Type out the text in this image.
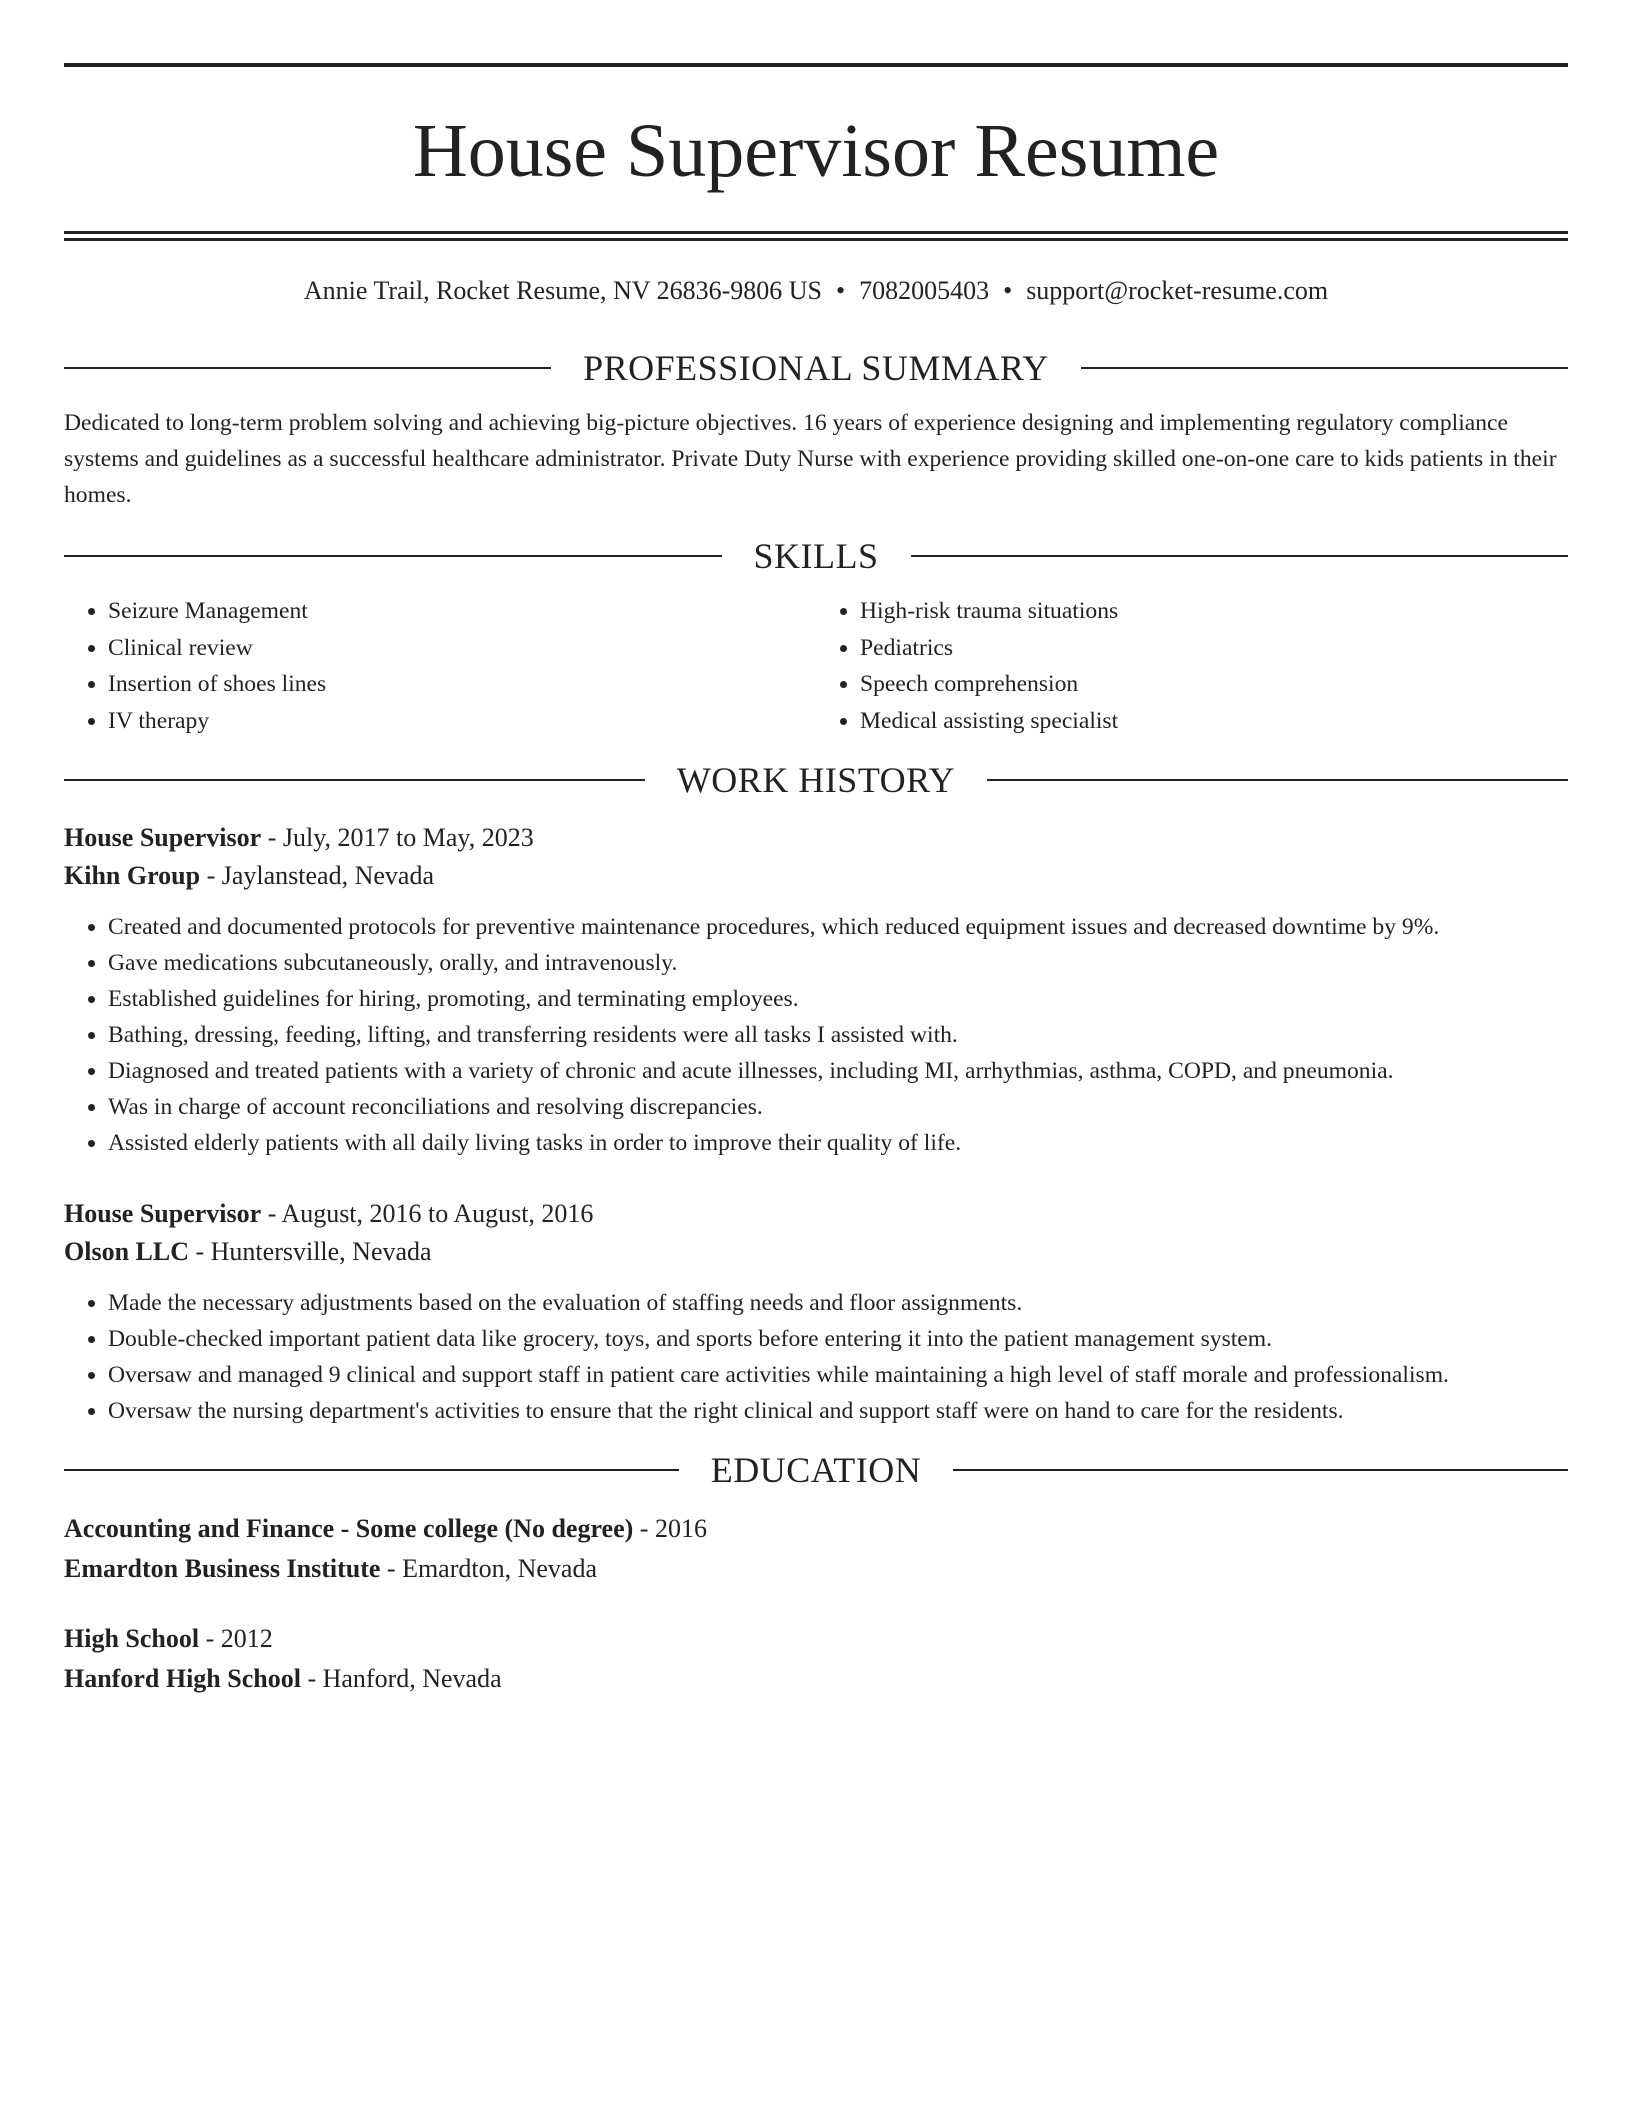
House Supervisor Resume
Annie Trail, Rocket Resume, NV 26836-9806 US • 7082005403 • support@rocket-resume.com
PROFESSIONAL SUMMARY
Dedicated to long-term problem solving and achieving big-picture objectives. 16 years of experience designing and implementing regulatory compliance systems and guidelines as a successful healthcare administrator. Private Duty Nurse with experience providing skilled one-on-one care to kids patients in their homes.
SKILLS
• Seizure Management
• Clinical review
• Insertion of shoes lines
• IV therapy
• High-risk trauma situations
• Pediatrics
• Speech comprehension
• Medical assisting specialist
WORK HISTORY
House Supervisor - July, 2017 to May, 2023
Kihn Group - Jaylanstead, Nevada
• Created and documented protocols for preventive maintenance procedures, which reduced equipment issues and decreased downtime by 9%.
• Gave medications subcutaneously, orally, and intravenously.
• Established guidelines for hiring, promoting, and terminating employees.
• Bathing, dressing, feeding, lifting, and transferring residents were all tasks I assisted with.
• Diagnosed and treated patients with a variety of chronic and acute illnesses, including MI, arrhythmias, asthma, COPD, and pneumonia.
• Was in charge of account reconciliations and resolving discrepancies.
• Assisted elderly patients with all daily living tasks in order to improve their quality of life.
House Supervisor - August, 2016 to August, 2016
Olson LLC - Huntersville, Nevada
• Made the necessary adjustments based on the evaluation of staffing needs and floor assignments.
• Double-checked important patient data like grocery, toys, and sports before entering it into the patient management system.
• Oversaw and managed 9 clinical and support staff in patient care activities while maintaining a high level of staff morale and professionalism.
• Oversaw the nursing department's activities to ensure that the right clinical and support staff were on hand to care for the residents.
EDUCATION
Accounting and Finance - Some college (No degree) - 2016
Emardton Business Institute - Emardton, Nevada
High School - 2012
Hanford High School - Hanford, Nevada
